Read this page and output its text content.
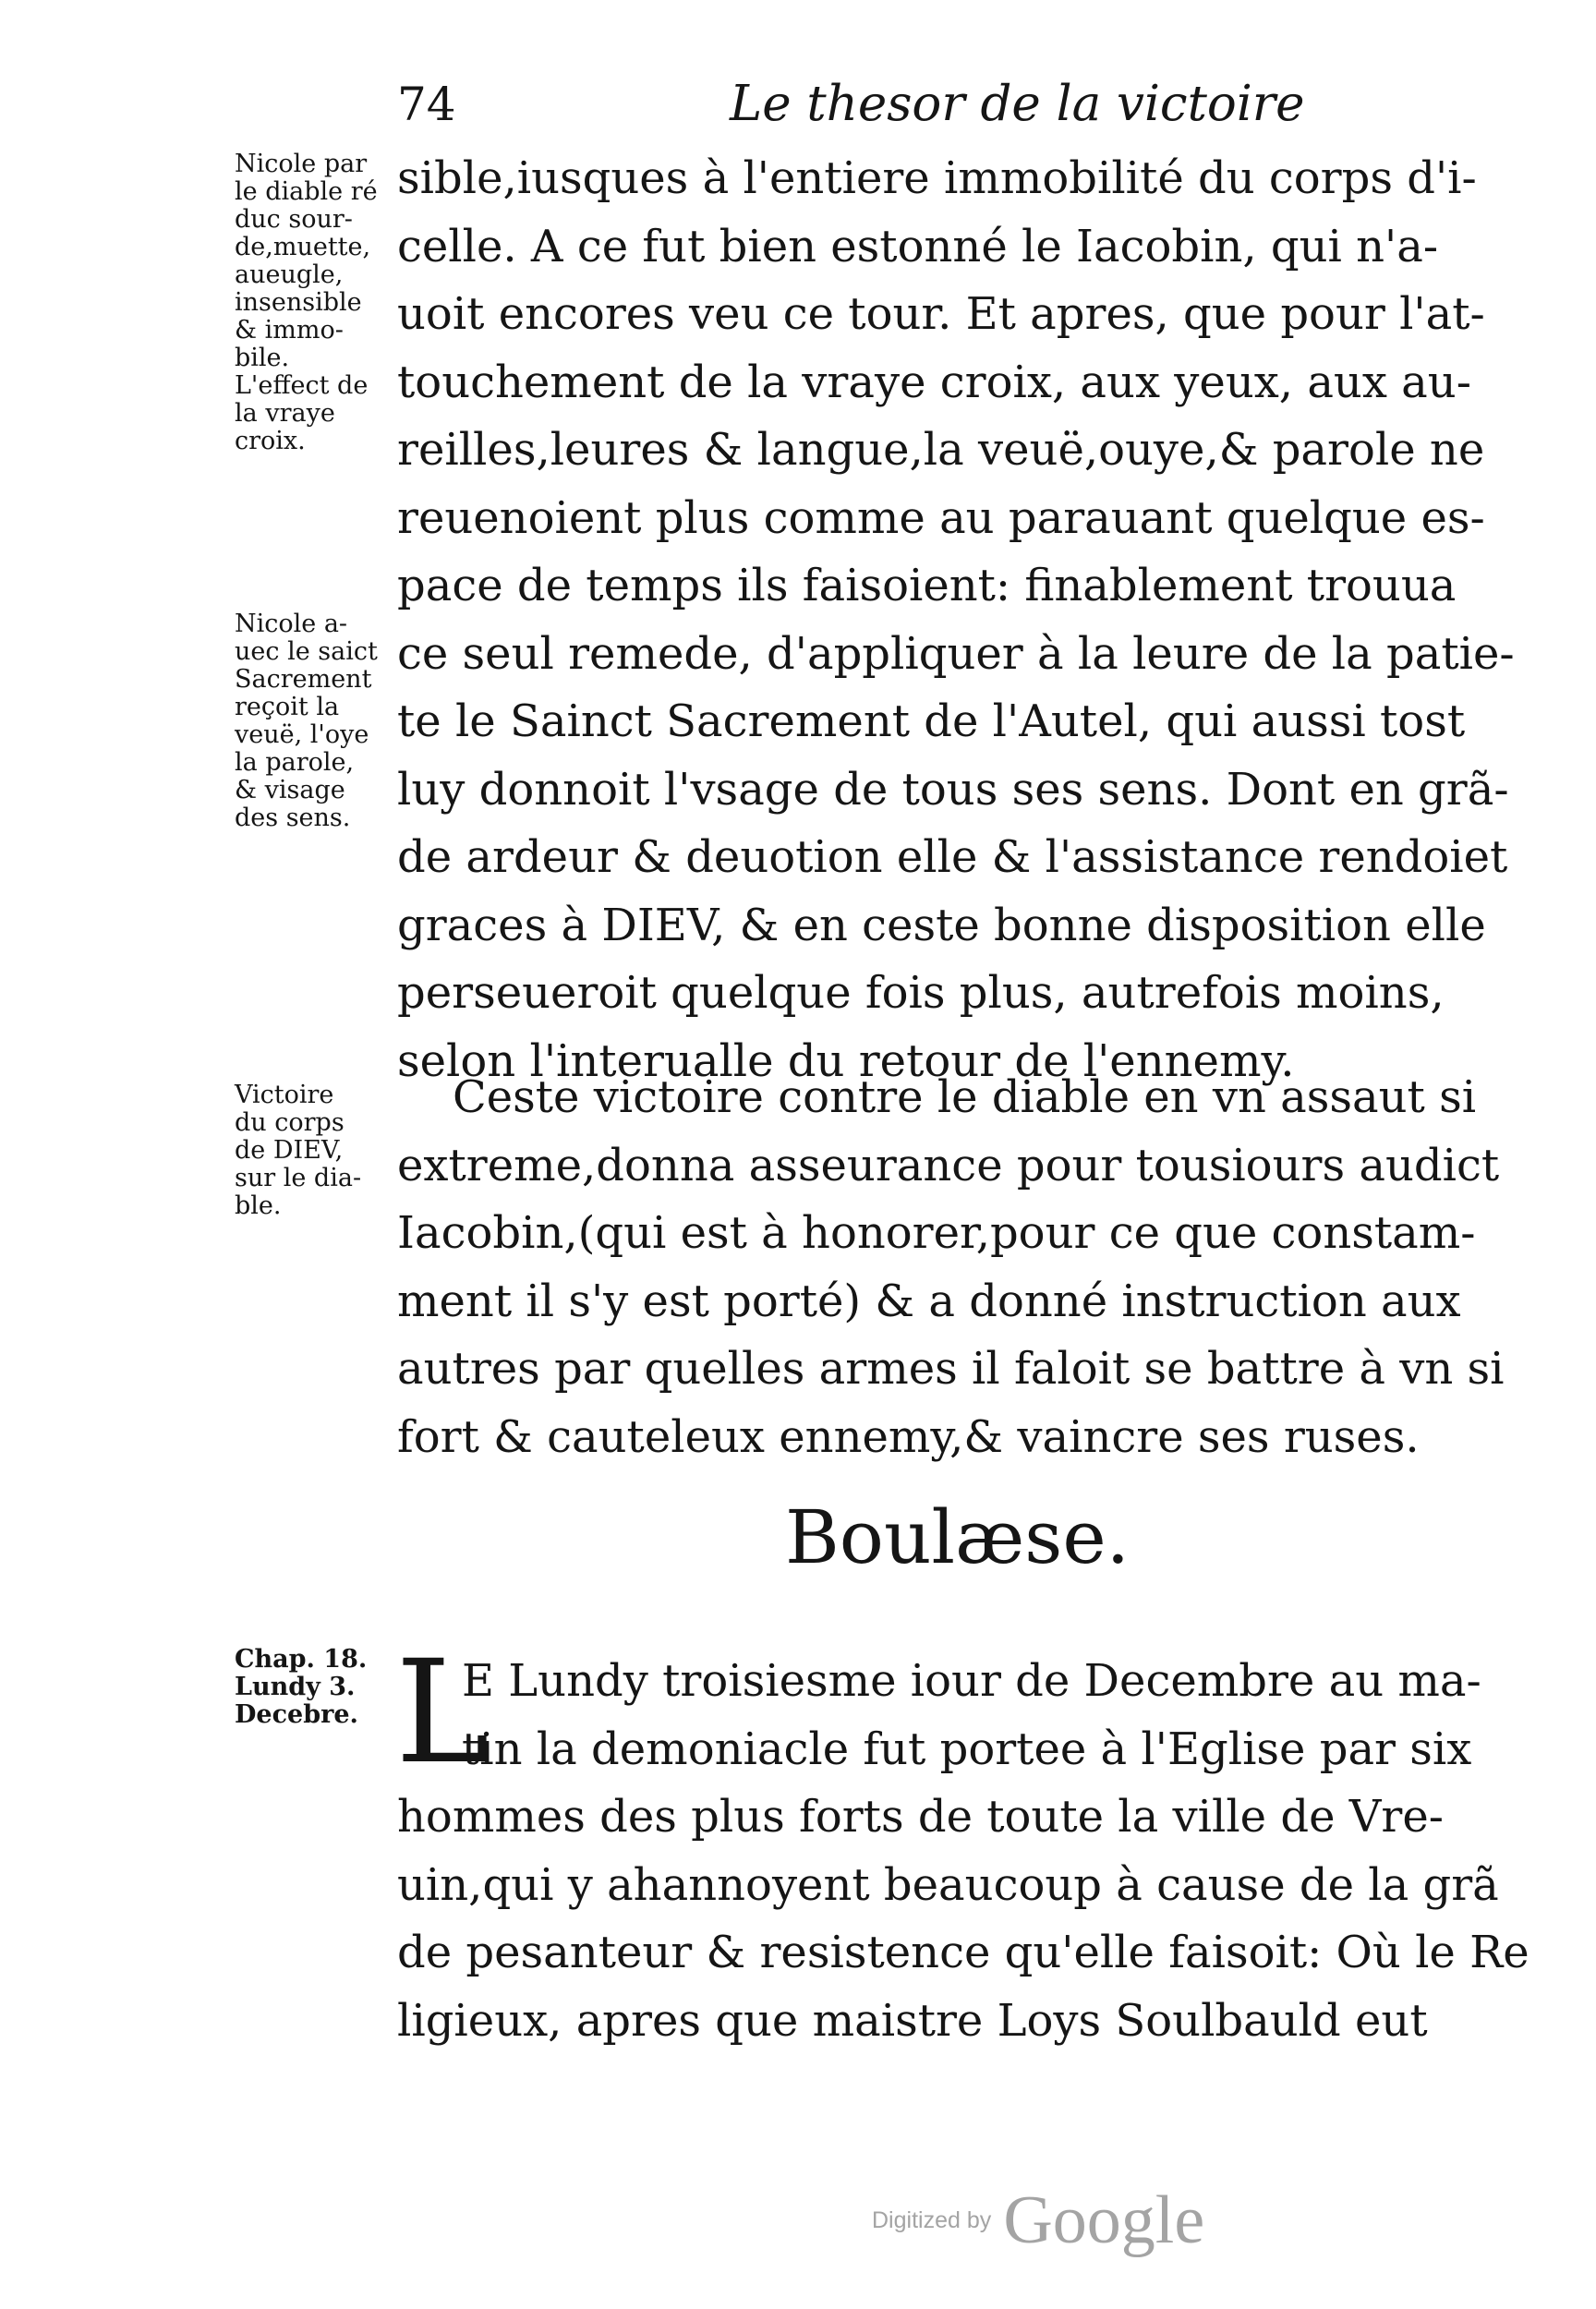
74	Le thesor de la victoire
Nicole par
le diable ré
duc sour-
de,muette,
aueugle,
insensible
& immo-
bile.
L'effect de
la vraye
croix.
Nicole a-
uec le saict
Sacrement
reçoit la
veuë, l'oye
la parole,
& visage
des sens.
Victoire
du corps
de DIEV,
sur le dia-
ble.
Chap. 18.
Lundy 3.
Decebre.
sible,iusques à l'entiere immobilité du corps d'i-
celle. A ce fut bien estonné le Iacobin, qui n'a-
uoit encores veu ce tour. Et apres, que pour l'at-
touchement de la vraye croix, aux yeux, aux au-
reilles,leures & langue,la veuë,ouye,& parole ne
reuenoient plus comme au parauant quelque es-
pace de temps ils faisoient: finablement trouua
ce seul remede, d'appliquer à la leure de la patie-
te le Sainct Sacrement de l'Autel, qui aussi tost
luy donnoit l'vsage de tous ses sens. Dont en grã-
de ardeur & deuotion elle & l'assistance rendoiet
graces à DIEV, & en ceste bonne disposition elle
perseueroit quelque fois plus, autrefois moins,
selon l'interualle du retour de l'ennemy.
Ceste victoire contre le diable en vn assaut si
extreme,donna asseurance pour tousiours audict
Iacobin,(qui est à honorer,pour ce que constam-
ment il s'y est porté) & a donné instruction aux
autres par quelles armes il faloit se battre à vn si
fort & cauteleux ennemy,& vaincre ses ruses.
Boulæse.
L
E Lundy troisiesme iour de Decembre au ma-
tin la demoniacle fut portee à l'Eglise par six
hommes des plus forts de toute la ville de Vre-
uin,qui y ahannoyent beaucoup à cause de la grã
de pesanteur & resistence qu'elle faisoit: Où le Re
ligieux, apres que maistre Loys Soulbauld eut
Digitized by Google
